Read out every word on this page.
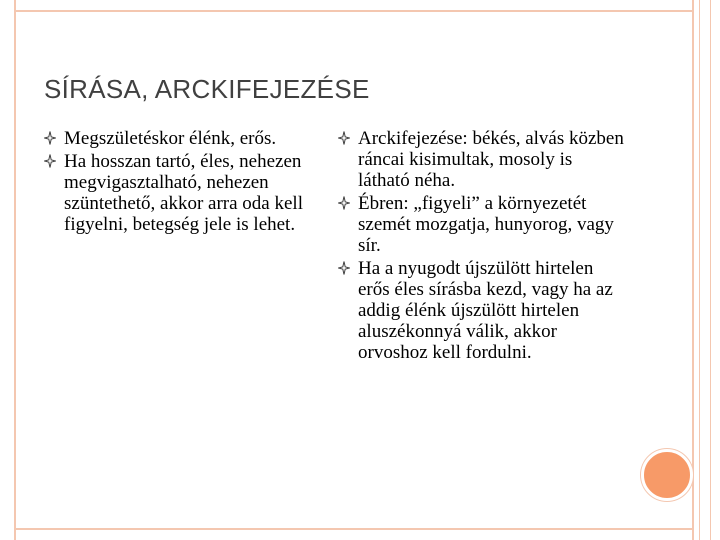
SÍRÁSA, ARCKIFEJEZÉSE
Megszületéskor élénk, erős.
Ha hosszan tartó, éles, nehezen megvigasztalható, nehezen szüntethető, akkor arra oda kell figyelni, betegség jele is lehet.
Arckifejezése: békés, alvás közben ráncai kisimultak, mosoly is látható néha.
Ébren: „figyeli” a környezetét szemét mozgatja, hunyorog, vagy sír.
Ha a nyugodt újszülött hirtelen erős éles sírásba kezd, vagy ha az addig élénk újszülött hirtelen aluszékonnyá válik, akkor orvoshoz kell fordulni.
